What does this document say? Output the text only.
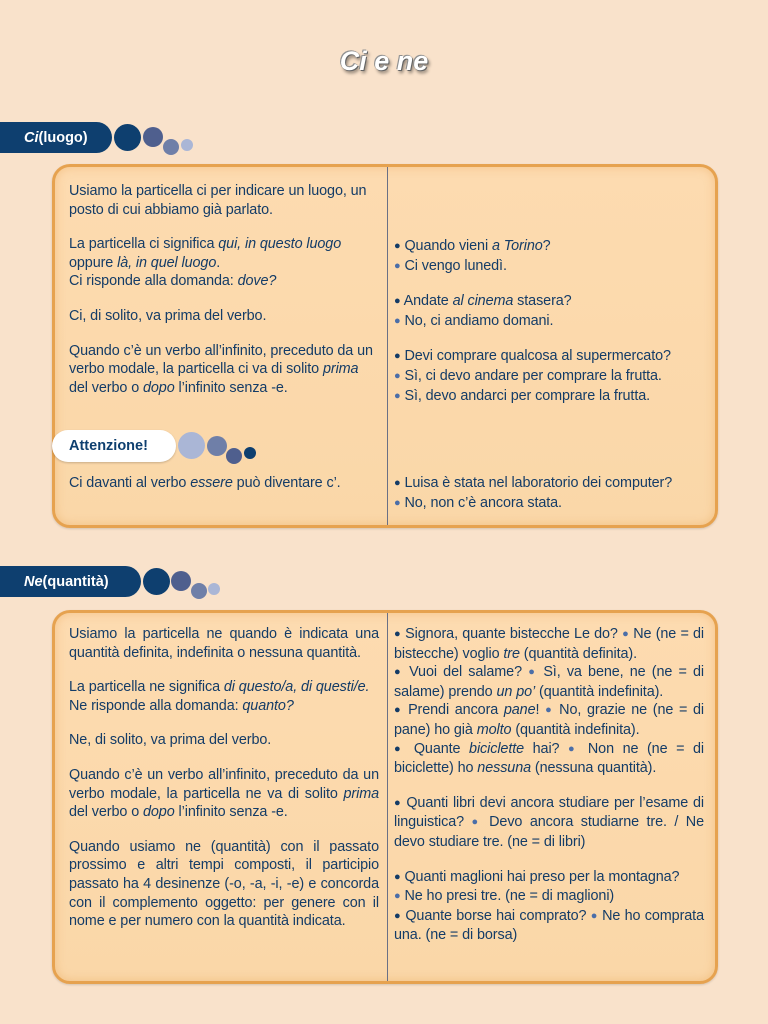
Ci e ne
Ci (luogo)

Usiamo la particella ci per indicare un luogo, un posto di cui abbiamo già parlato.

La particella ci significa qui, in questo luogo oppure là, in quel luogo.

Ci risponde alla domanda: dove?

Ci, di solito, va prima del verbo.

Quando c’è un verbo all’infinito, preceduto da un verbo modale, la particella ci va di solito prima del verbo o dopo l’infinito senza -e.

Attenzione!

Ci davanti al verbo essere può diventare c’.

● Quando vieni a Torino?

● Ci vengo lunedì.

● Andate al cinema stasera?

● No, ci andiamo domani.

● Devi comprare qualcosa al supermercato?

● Sì, ci devo andare per comprare la frutta.

● Sì, devo andarci per comprare la frutta.

● Luisa è stata nel laboratorio dei computer?

● No, non c’è ancora stata.

Ne (quantità)

Usiamo la particella ne quando è indicata una quantità definita, indefinita o nessuna quantità.

La particella ne significa di questo/a, di questi/e.

Ne risponde alla domanda: quanto?

Ne, di solito, va prima del verbo.

Quando c’è un verbo all’infinito, preceduto da un verbo modale, la particella ne va di solito prima del verbo o dopo l’infinito senza -e.

Quando usiamo ne (quantità) con il passato prossimo e altri tempi composti, il participio passato ha 4 desinenze (-o, -a, -i, -e) e concorda con il complemento oggetto: per genere con il nome e per numero con la quantità indicata.

● Signora, quante bistecche Le do? ● Ne (ne = di bistecche) voglio tre (quantità definita).

● Vuoi del salame? ● Sì, va bene, ne (ne = di salame) prendo un po’ (quantità indefinita).

● Prendi ancora pane! ● No, grazie ne (ne = di pane) ho già molto (quantità indefinita).

● Quante biciclette hai? ● Non ne (ne = di biciclette) ho nessuna (nessuna quantità).

● Quanti libri devi ancora studiare per l’esame di linguistica? ● Devo ancora studiarne tre. / Ne devo studiare tre. (ne = di libri)

● Quanti maglioni hai preso per la montagna?

● Ne ho presi tre. (ne = di maglioni)

● Quante borse hai comprato? ● Ne ho comprata una. (ne = di borsa)
